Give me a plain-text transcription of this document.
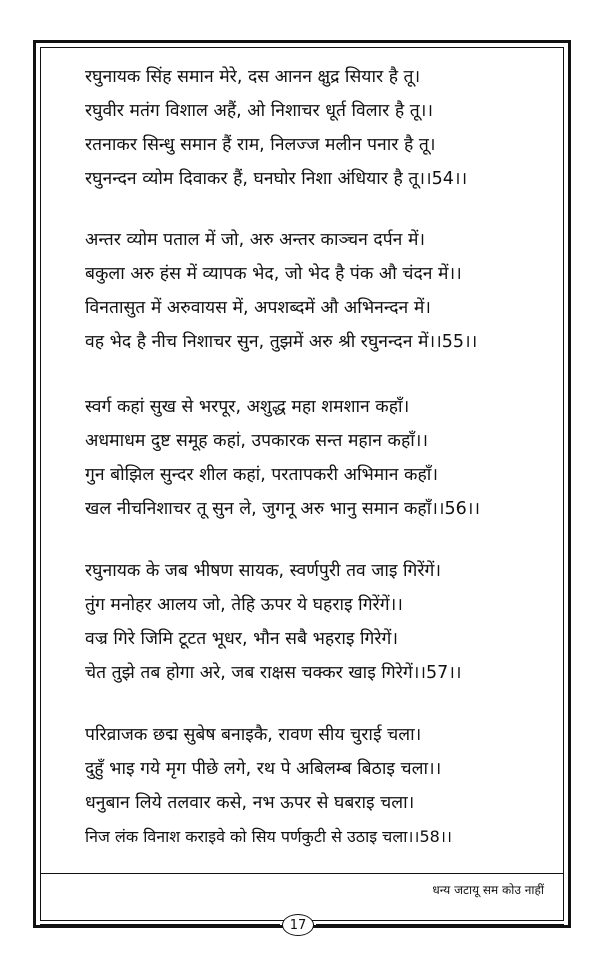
रघुनायक सिंह समान मेरे, दस आनन क्षुद्र सियार है तू।
रघुवीर मतंग विशाल अहैं, ओ निशाचर धूर्त विलार है तू।।
रतनाकर सिन्धु समान हैं राम, निलज्ज मलीन पनार है तू।
रघुनन्दन व्योम दिवाकर हैं, घनघोर निशा अंधियार है तू।।54।।
अन्तर व्योम पताल में जो, अरु अन्तर काञ्चन दर्पन में।
बकुला अरु हंस में व्यापक भेद, जो भेद है पंक औ चंदन में।।
विनतासुत में अरुवायस में, अपशब्दमें औ अभिनन्दन में।
वह भेद है नीच निशाचर सुन, तुझमें अरु श्री रघुनन्दन में।।55।।
स्वर्ग कहां सुख से भरपूर, अशुद्ध महा शमशान कहाँ।
अधमाधम दुष्ट समूह कहां, उपकारक सन्त महान कहाँ।।
गुन बोझिल सुन्दर शील कहां, परतापकरी अभिमान कहाँ।
खल नीचनिशाचर तू सुन ले, जुगनू अरु भानु समान कहाँ।।56।।
रघुनायक के जब भीषण सायक, स्वर्णपुरी तव जाइ गिरेंगें।
तुंग मनोहर आलय जो, तेहि ऊपर ये घहराइ गिरेंगें।।
वज्र गिरे जिमि टूटत भूधर, भौन सबै भहराइ गिरेगें।
चेत तुझे तब होगा अरे, जब राक्षस चक्कर खाइ गिरेगें।।57।।
परिव्राजक छद्म सुबेष बनाइकै, रावण सीय चुराई चला।
दुहुँ भाइ गये मृग पीछे लगे, रथ पे अबिलम्ब बिठाइ चला।।
धनुबान लिये तलवार कसे, नभ ऊपर से घबराइ चला।
निज लंक विनाश कराइवे को सिय पर्णकुटी से उठाइ चला।।58।।
धन्य जटायू सम कोउ नाहीं
17
